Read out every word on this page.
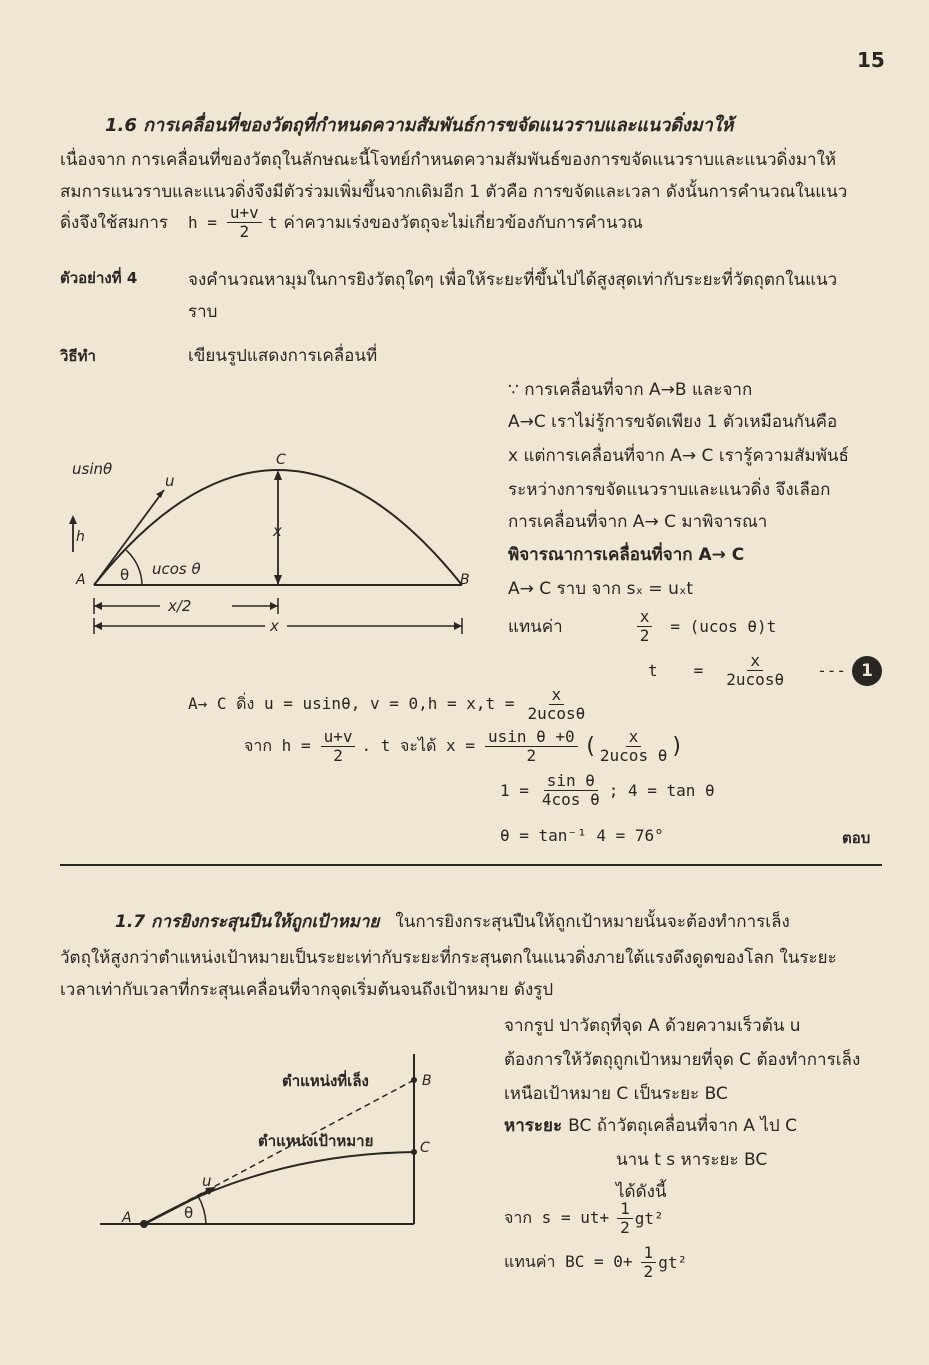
15
1.6 การเคลื่อนที่ของวัตถุที่กำหนดความสัมพันธ์การขจัดแนวราบและแนวดิ่งมาให้
เนื่องจาก การเคลื่อนที่ของวัตถุในลักษณะนี้โจทย์กำหนดความสัมพันธ์ของการขจัดแนวราบและแนวดิ่งมาให้
สมการแนวราบและแนวดิ่งจึงมีตัวร่วมเพิ่มขึ้นจากเดิมอีก 1 ตัวคือ การขจัดและเวลา ดังนั้นการคำนวณในแนว
ดิ่งจึงใช้สมการ $h = \frac{u+v}{2}$ t ค่าความเร่งของวัตถุจะไม่เกี่ยวข้องกับการคำนวณ
ตัวอย่างที่ 4	จงคำนวณหามุมในการยิงวัตถุใดๆ เพื่อให้ระยะที่ขึ้นไปได้สูงสุดเท่ากับระยะที่วัตถุตกในแนว
ราบ
วิธีทำ	เขียนรูปแสดงการเคลื่อนที่
usinθ
u
C
x
h
A θ ucos θ
B
x/2
x
∵ การเคลื่อนที่จาก A→B และจาก
A→C เราไม่รู้การขจัดเพียง 1 ตัวเหมือนกันคือ
x แต่การเคลื่อนที่จาก A→ C เรารู้ความสัมพันธ์
ระหว่างการขจัดแนวราบและแนวดิ่ง จึงเลือก
การเคลื่อนที่จาก A→ C มาพิจารณา
พิจารณาการเคลื่อนที่จาก A→ C
A→ C ราบ จาก sₓ = uₓt
แทนค่า	$\frac{x}{2} = (ucos$ θ)t
$t = \frac{x}{2ucos\theta}$ --- 1
A→ C ดิ่ง u = usinθ, $v = 0,h = x,t = \frac{x}{2ucos\theta}$
จาก $h = \frac{u+v}{2}$ . t จะได้ $x = \frac{\text{usin θ +0}}{2}$ ( $\frac{x}{\text{2ucos θ}}$ )
$1 = \frac{\text{sin θ}}{\text{4cos θ}}$ ; 4 = tan θ
θ = tan⁻¹ 4 = 76°	ตอบ
1.7 การยิงกระสุนปืนให้ถูกเป้าหมาย ในการยิงกระสุนปืนให้ถูกเป้าหมายนั้นจะต้องทำการเล็ง
วัตถุให้สูงกว่าตำแหน่งเป้าหมายเป็นระยะเท่ากับระยะที่กระสุนตกในแนวดิ่งภายใต้แรงดึงดูดของโลก ในระยะ
เวลาเท่ากับเวลาที่กระสุนเคลื่อนที่จากจุดเริ่มต้นจนถึงเป้าหมาย ดังรูป
ตำแหน่งที่เล็ง
ตำแหน่งเป้าหมาย
B
C
A
u
θ
จากรูป ปาวัตถุที่จุด A ด้วยความเร็วต้น u
ต้องการให้วัตถุถูกเป้าหมายที่จุด C ต้องทำการเล็ง
เหนือเป้าหมาย C เป็นระยะ BC
หาระยะ BC ถ้าวัตถุเคลื่อนที่จาก A ไป C
นาน t s หาระยะ BC
ได้ดังนี้
จาก $s = ut+ \frac{1}{2} gt^2$
แทนค่า BC = $0+ \frac{1}{2} gt^2$
